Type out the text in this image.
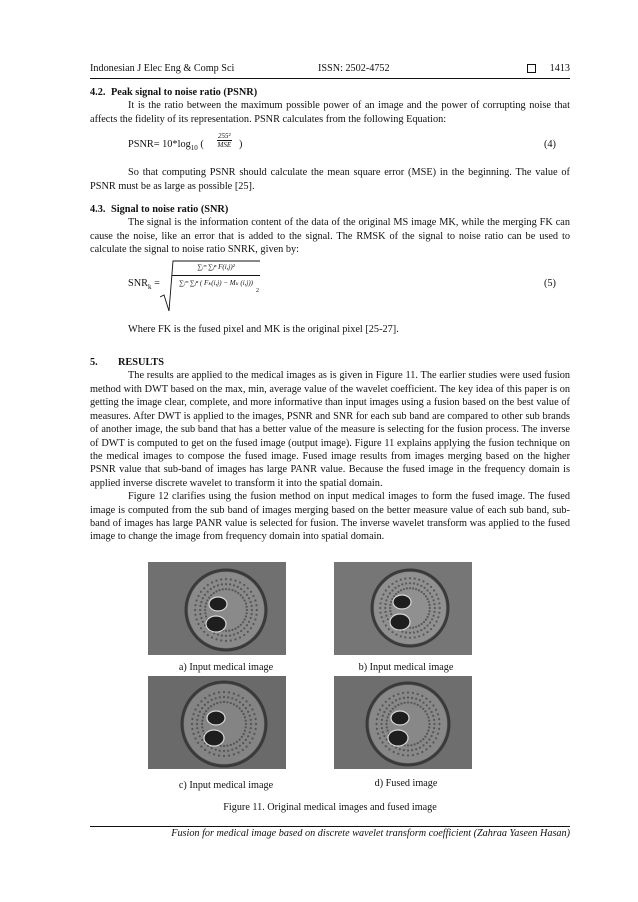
Indonesian J Elec Eng & Comp Sci	ISSN: 2502-4752	1413

4.2. Peak signal to noise ratio (PSNR)

It is the ratio between the maximum possible power of an image and the power of corrupting noise that affects the fidelity of its representation. PSNR calculates from the following Equation:

PSNR= $10*\log_{10}$ (
255²
MSE )	(4)

So that computing PSNR should calculate the mean square error (MSE) in the beginning. The value of PSNR must be as large as possible [25].

4.3. Signal to noise ratio (SNR)

The signal is the information content of the data of the original MS image MK, while the merging FK can cause the noise, like an error that is added to the signal. The RMSK of the signal to noise ratio can be used to calculate the signal to noise ratio SNRK, given by:

$SNR_k$ =
∑ᵢᵐ ∑ⱼⁿ F(i,j)²
∑ᵢᵐ ∑ⱼⁿ ( Fₖ(i,j) − Mₖ (i,j))
2
(5)

Where FK is the fused pixel and MK is the original pixel [25-27].

5. RESULTS

The results are applied to the medical images as is given in Figure 11. The earlier studies were used fusion method with DWT based on the max, min, average value of the wavelet coefficient. The key idea of this paper is on getting the image clear, complete, and more informative than input images using a fusion based on the best value of measures. After DWT is applied to the images, PSNR and SNR for each sub band are compared to other sub brands of another image, the sub band that has a better value of the measure is selecting for the fusion process. The inverse of DWT is computed to get on the fused image (output image). Figure 11 explains applying the fusion technique on the medical images to compose the fused image. Fused image results from images merging based on the higher PSNR value that sub-band of images has large PANR value. Because the fused image in the frequency domain is applied inverse discrete wavelet to transform it into the spatial domain.

Figure 12 clarifies using the fusion method on input medical images to form the fused image. The fused image is computed from the sub band of images merging based on the better measure value of each sub band, sub-band of images has large PANR value is selected for fusion. The inverse wavelet transform was applied to the fused image to change the image from frequency domain into spatial domain.

a) Input medical image	b) Input medical image
c) Input medical image	d) Fused image
Figure 11. Original medical images and fused image
Fusion for medical image based on discrete wavelet transform coefficient (Zahraa Yaseen Hasan)
